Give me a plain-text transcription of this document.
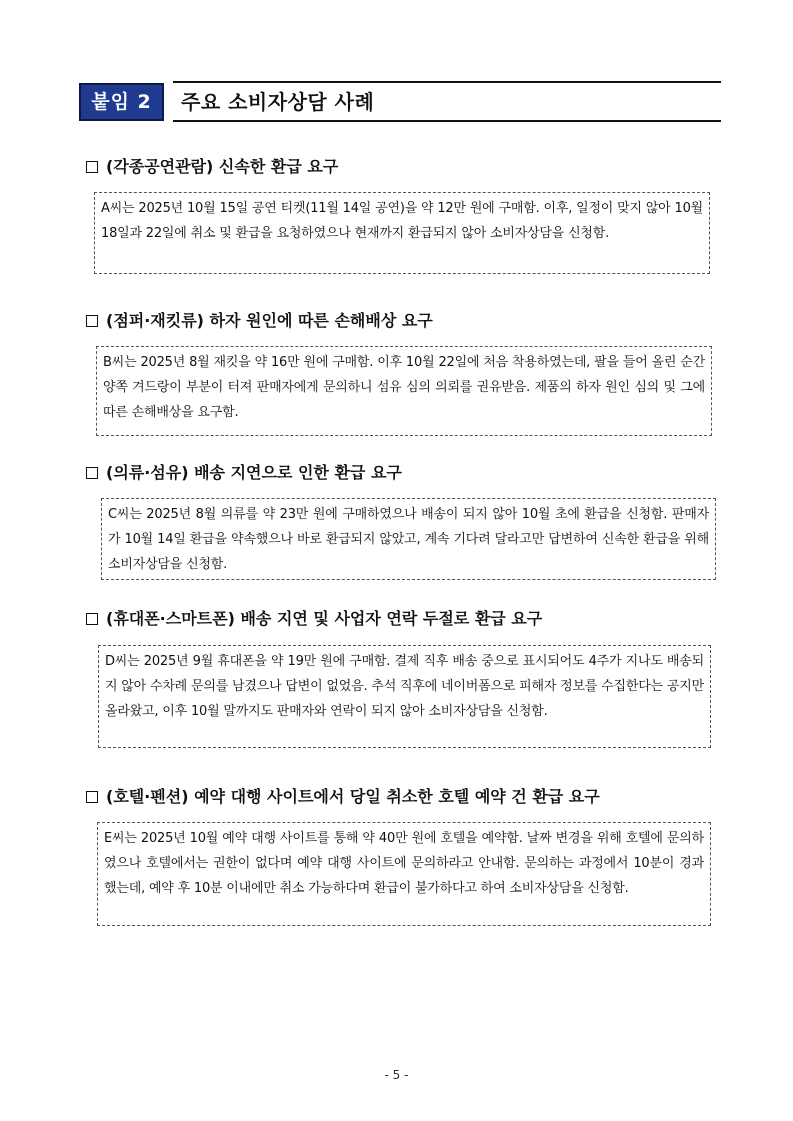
붙임 2	주요 소비자상담 사례
(각종공연관람) 신속한 환급 요구
A씨는 2025년 10월 15일 공연 티켓(11월 14일 공연)을 약 12만 원에 구매함. 이후, 일정이 맞지 않아 10월 18일과 22일에 취소 및 환급을 요청하였으나 현재까지 환급되지 않아 소비자상담을 신청함.
(점퍼·재킷류) 하자 원인에 따른 손해배상 요구
B씨는 2025년 8월 재킷을 약 16만 원에 구매함. 이후 10월 22일에 처음 착용하였는데, 팔을 들어 올린 순간 양쪽 겨드랑이 부분이 터져 판매자에게 문의하니 섬유 심의 의뢰를 권유받음. 제품의 하자 원인 심의 및 그에 따른 손해배상을 요구함.
(의류·섬유) 배송 지연으로 인한 환급 요구
C씨는 2025년 8월 의류를 약 23만 원에 구매하였으나 배송이 되지 않아 10월 초에 환급을 신청함. 판매자가 10월 14일 환급을 약속했으나 바로 환급되지 않았고, 계속 기다려 달라고만 답변하여 신속한 환급을 위해 소비자상담을 신청함.
(휴대폰·스마트폰) 배송 지연 및 사업자 연락 두절로 환급 요구
D씨는 2025년 9월 휴대폰을 약 19만 원에 구매함. 결제 직후 배송 중으로 표시되어도 4주가 지나도 배송되지 않아 수차례 문의를 남겼으나 답변이 없었음. 추석 직후에 네이버폼으로 피해자 정보를 수집한다는 공지만 올라왔고, 이후 10월 말까지도 판매자와 연락이 되지 않아 소비자상담을 신청함.
(호텔·펜션) 예약 대행 사이트에서 당일 취소한 호텔 예약 건 환급 요구
E씨는 2025년 10월 예약 대행 사이트를 통해 약 40만 원에 호텔을 예약함. 날짜 변경을 위해 호텔에 문의하였으나 호텔에서는 권한이 없다며 예약 대행 사이트에 문의하라고 안내함. 문의하는 과정에서 10분이 경과 했는데, 예약 후 10분 이내에만 취소 가능하다며 환급이 불가하다고 하여 소비자상담을 신청함.
- 5 -
